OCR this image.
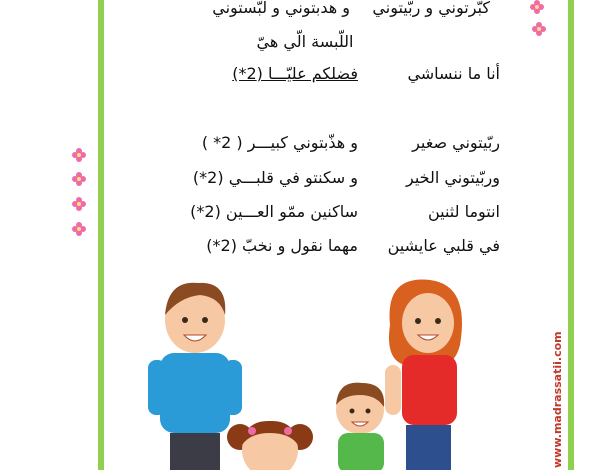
كبّرتوني و ربّيتوني
و هدبتوني و لبّستوني
اللّبسة الّي هيّ
أنا ما ننساشي
فضلكم عليّـــا (2*)
ربّيتوني صغير
و هذّبتوني كبيـــر ( 2* )
وربّيتوني الخير
و سكنتو في قلبـــي (2*)
انتوما لثنين
ساكنين ممّو العـــين (2*)
في قلبي عايشين
مهما نقول و نخبّ (2*)
www.madrassatii.com
